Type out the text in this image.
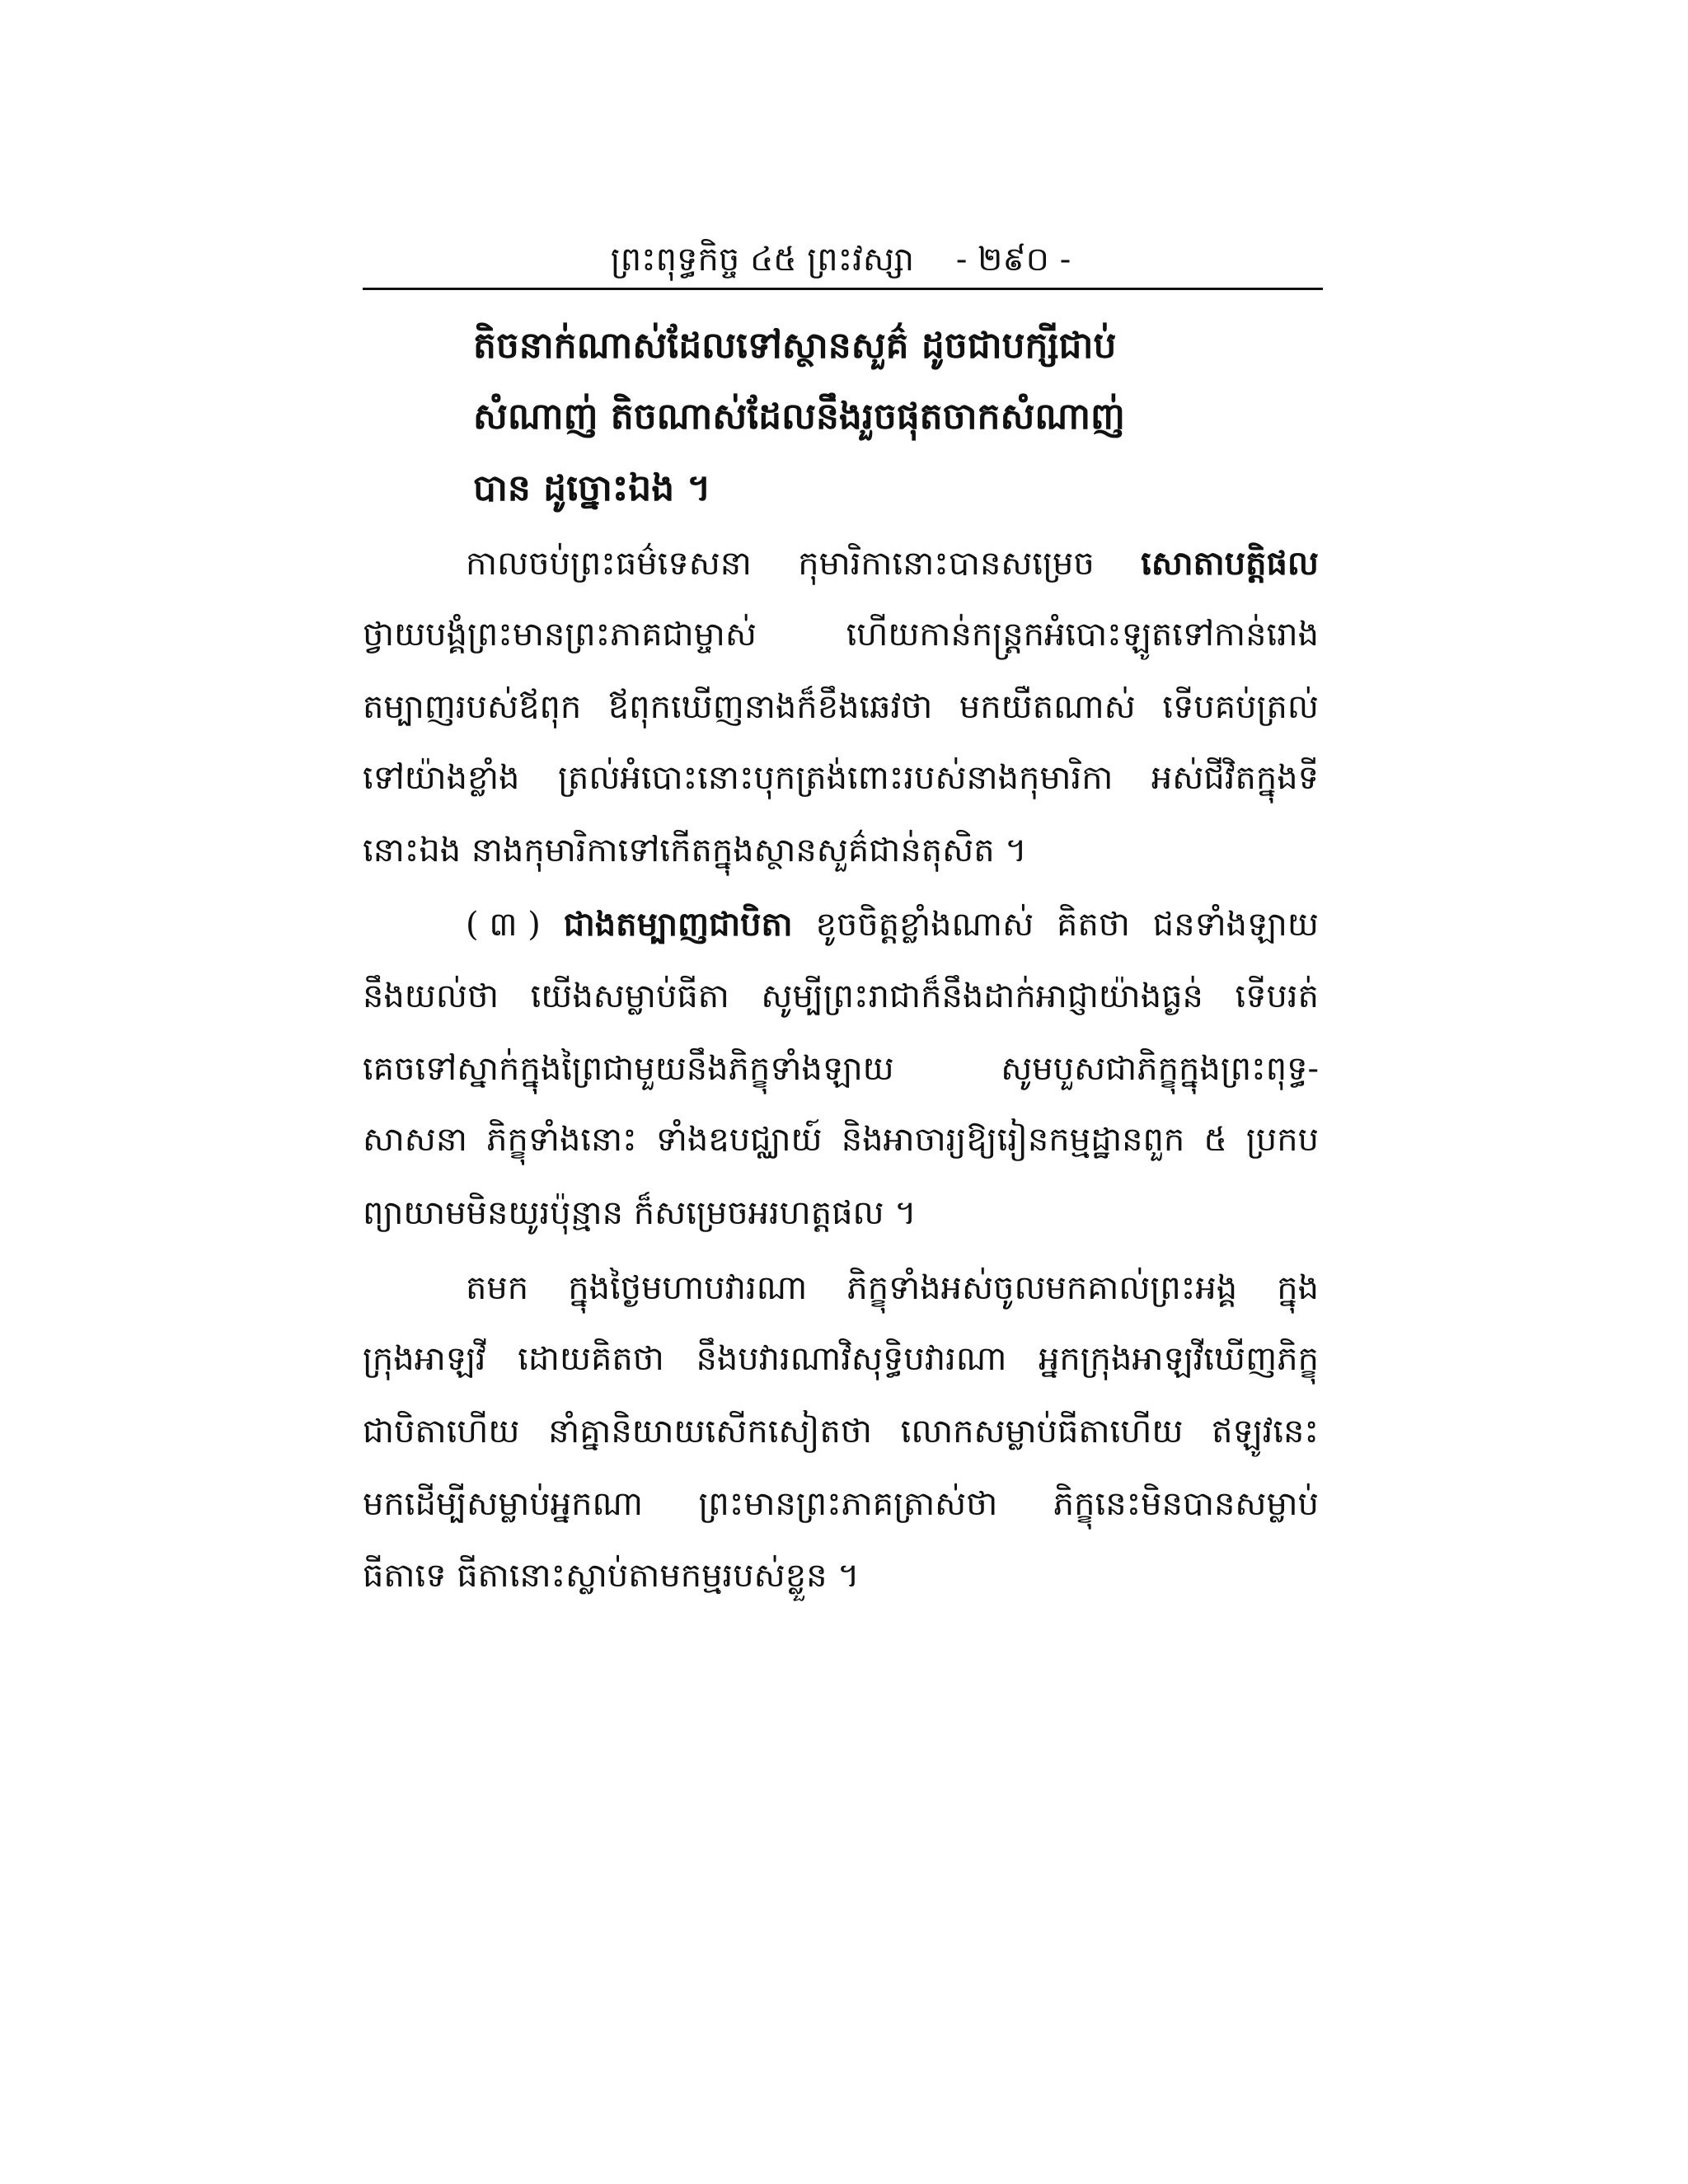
ព្រះពុទ្ធកិច្ច ៤៥ ព្រះវស្សា - ២៩០ -
តិចនាក់ណាស់ដែលទៅស្ថានសួគ៌ ដូចជាបក្សីជាប់
សំណាញ់ តិចណាស់ដែលនឹងរួចផុតចាកសំណាញ់
បាន ដូច្នោះឯង ។
កាលចប់ព្រះធម៌ទេសនា កុមារិកានោះបានសម្រេច សោតាបត្តិផល
ថ្វាយបង្គំព្រះមានព្រះភាគជាម្ចាស់	ហើយកាន់កន្ត្រកអំបោះឡូតទៅកាន់រោង
តម្បាញរបស់ឪពុក ឪពុកឃើញនាងក៏ខឹងឆេវថា មកយឺតណាស់ ទើបគប់ត្រល់
ទៅយ៉ាងខ្លាំង ត្រល់អំបោះនោះបុកត្រង់ពោះរបស់នាងកុមារិកា អស់ជីវិតក្នុងទី
នោះឯង នាងកុមារិកាទៅកើតក្នុងស្ថានសួគ៌ជាន់តុសិត ។
( ៣ ) ជាងតម្បាញជាបិតា ខូចចិត្តខ្លាំងណាស់ គិតថា ជនទាំងឡាយ
នឹងយល់ថា យើងសម្លាប់ធីតា សូម្បីព្រះរាជាក៏នឹងដាក់អាជ្ញាយ៉ាងធ្ងន់ ទើបរត់
គេចទៅស្នាក់ក្នុងព្រៃជាមួយនឹងភិក្ខុទាំងឡាយ	សូមបួសជាភិក្ខុក្នុងព្រះពុទ្ធ-
សាសនា ភិក្ខុទាំងនោះ ទាំងឧបជ្ឈាយ៍ និងអាចារ្យឱ្យរៀនកម្មដ្ឋានពួក ៥ ប្រកប
ព្យាយាមមិនយូរប៉ុន្មាន ក៏សម្រេចអរហត្តផល ។
តមក ក្នុងថ្ងៃមហាបវារណា ភិក្ខុទាំងអស់ចូលមកគាល់ព្រះអង្គ ក្នុង
ក្រុងអាឡវី ដោយគិតថា នឹងបវារណាវិសុទ្ធិបវារណា អ្នកក្រុងអាឡវីឃើញភិក្ខុ
ជាបិតាហើយ នាំគ្នានិយាយសើកសៀតថា លោកសម្លាប់ធីតាហើយ ឥឡូវនេះ
មកដើម្បីសម្លាប់អ្នកណា ព្រះមានព្រះភាគត្រាស់ថា ភិក្ខុនេះមិនបានសម្លាប់
ធីតាទេ ធីតានោះស្លាប់តាមកម្មរបស់ខ្លួន ។
